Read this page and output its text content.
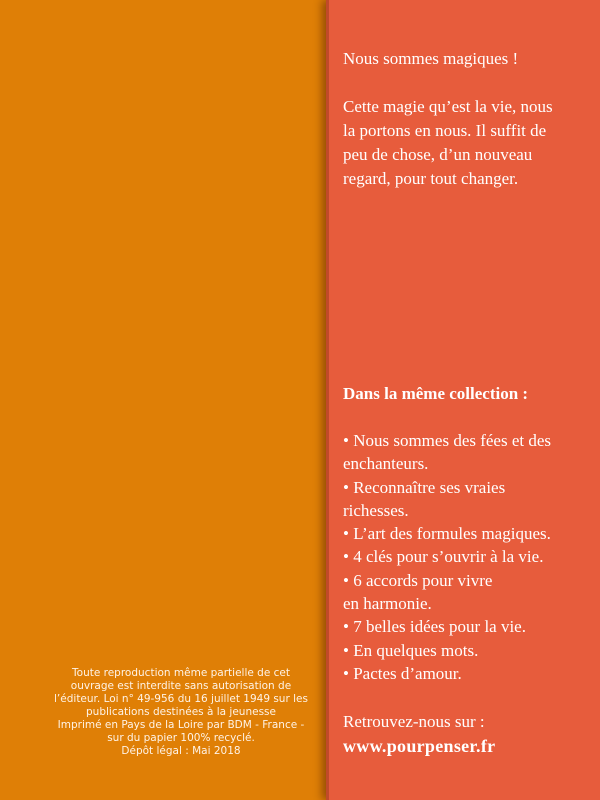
Toute reproduction même partielle de cet
ouvrage est interdite sans autorisation de
l’éditeur. Loi n° 49-956 du 16 juillet 1949 sur les
publications destinées à la jeunesse
Imprimé en Pays de la Loire par BDM - France -
sur du papier 100% recyclé.
Dépôt légal : Mai 2018
Nous sommes magiques !
Cette magie qu’est la vie, nous
la portons en nous. Il suffit de
peu de chose, d’un nouveau
regard, pour tout changer.
Dans la même collection :
• Nous sommes des fées et des
enchanteurs.
• Reconnaître ses vraies
richesses.
• L’art des formules magiques.
• 4 clés pour s’ouvrir à la vie.
• 6 accords pour vivre
en harmonie.
• 7 belles idées pour la vie.
• En quelques mots.
• Pactes d’amour.
Retrouvez-nous sur :
www.pourpenser.fr
